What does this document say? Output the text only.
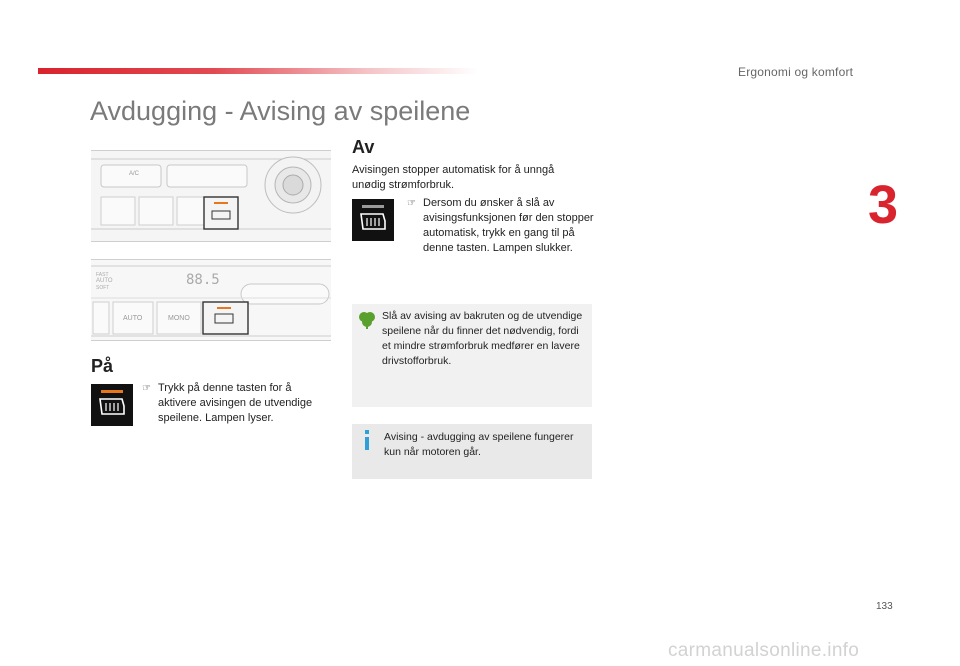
Ergonomi og komfort
3
Avdugging - Avising av speilene
A/C
FAST
AUTO
SOFT	88.5
AUTO	MONO
På
☞ Trykk på denne tasten for å aktivere avisingen de utvendige speilene. Lampen lyser.
Av
Avisingen stopper automatisk for å unngå unødig strømforbruk.
☞ Dersom du ønsker å slå av avisingsfunksjonen før den stopper automatisk, trykk en gang til på denne tasten. Lampen slukker.
Slå av avising av bakruten og de utvendige speilene når du finner det nødvendig, fordi et mindre strømforbruk medfører en lavere drivstofforbruk.
Avising - avdugging av speilene fungerer kun når motoren går.
133
carmanualsonline.info
